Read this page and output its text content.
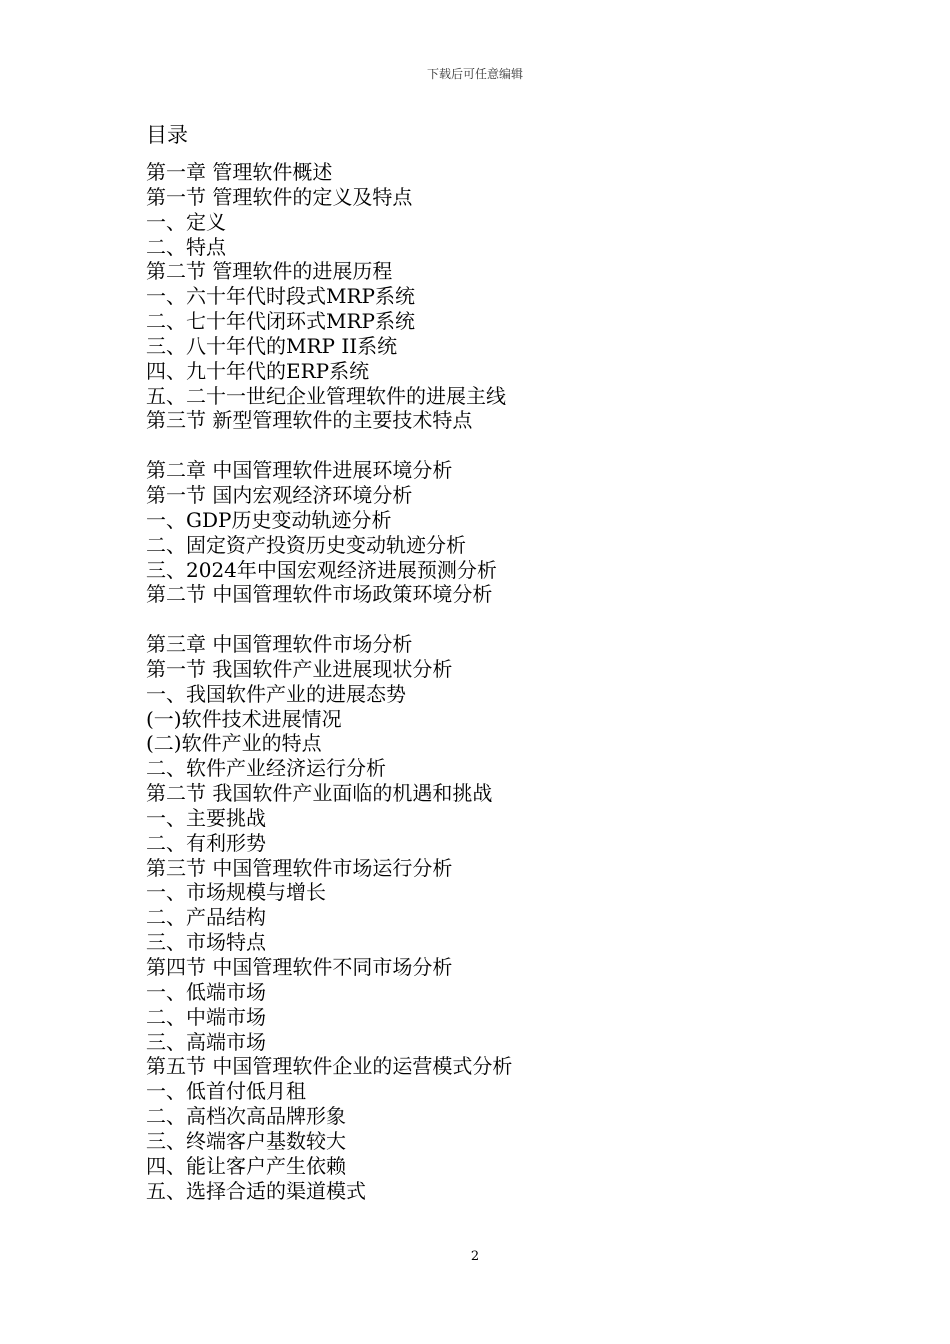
下载后可任意编辑
目录
第一章 管理软件概述
第一节 管理软件的定义及特点
一、定义
二、特点
第二节 管理软件的进展历程
一、六十年代时段式MRP系统
二、七十年代闭环式MRP系统
三、八十年代的MRP II系统
四、九十年代的ERP系统
五、二十一世纪企业管理软件的进展主线
第三节 新型管理软件的主要技术特点
第二章 中国管理软件进展环境分析
第一节 国内宏观经济环境分析
一、GDP历史变动轨迹分析
二、固定资产投资历史变动轨迹分析
三、2024年中国宏观经济进展预测分析
第二节 中国管理软件市场政策环境分析
第三章 中国管理软件市场分析
第一节 我国软件产业进展现状分析
一、我国软件产业的进展态势
(一)软件技术进展情况
(二)软件产业的特点
二、软件产业经济运行分析
第二节 我国软件产业面临的机遇和挑战
一、主要挑战
二、有利形势
第三节 中国管理软件市场运行分析
一、市场规模与增长
二、产品结构
三、市场特点
第四节 中国管理软件不同市场分析
一、低端市场
二、中端市场
三、高端市场
第五节 中国管理软件企业的运营模式分析
一、低首付低月租
二、高档次高品牌形象
三、终端客户基数较大
四、能让客户产生依赖
五、选择合适的渠道模式
2
